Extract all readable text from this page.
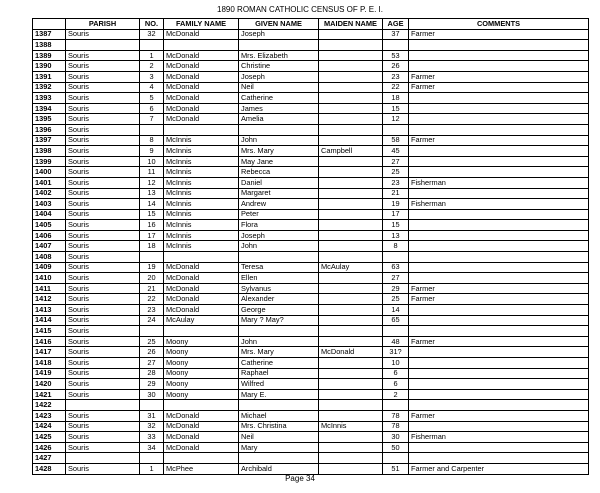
1890 ROMAN CATHOLIC CENSUS OF P. E. I.
	PARISH	NO.	FAMILY NAME	GIVEN NAME	MAIDEN NAME	AGE	COMMENTS
1387	Souris	32	McDonald	Joseph		37	Farmer
1388							
1389	Souris	1	McDonald	Mrs. Elizabeth		53	
1390	Souris	2	McDonald	Christine		26	
1391	Souris	3	McDonald	Joseph		23	Farmer
1392	Souris	4	McDonald	Neil		22	Farmer
1393	Souris	5	McDonald	Catherine		18	
1394	Souris	6	McDonald	James		15	
1395	Souris	7	McDonald	Amelia		12	
1396	Souris						
1397	Souris	8	McInnis	John		58	Farmer
1398	Souris	9	McInnis	Mrs. Mary	Campbell	45	
1399	Souris	10	McInnis	May Jane		27	
1400	Souris	11	McInnis	Rebecca		25	
1401	Souris	12	McInnis	Daniel		23	Fisherman
1402	Souris	13	McInnis	Margaret		21	
1403	Souris	14	McInnis	Andrew		19	Fisherman
1404	Souris	15	McInnis	Peter		17	
1405	Souris	16	McInnis	Flora		15	
1406	Souris	17	McInnis	Joseph		13	
1407	Souris	18	McInnis	John		8	
1408	Souris						
1409	Souris	19	McDonald	Teresa	McAulay	63	
1410	Souris	20	McDonald	Ellen		27	
1411	Souris	21	McDonald	Sylvanus		29	Farmer
1412	Souris	22	McDonald	Alexander		25	Farmer
1413	Souris	23	McDonald	George		14	
1414	Souris	24	McAulay	Mary ? May?		65	
1415	Souris						
1416	Souris	25	Moony	John		48	Farmer
1417	Souris	26	Moony	Mrs. Mary	McDonald	31?	
1418	Souris	27	Moony	Catherine		10	
1419	Souris	28	Moony	Raphael		6	
1420	Souris	29	Moony	Wilfred		6	
1421	Souris	30	Moony	Mary E.		2	
1422							
1423	Souris	31	McDonald	Michael		78	Farmer
1424	Souris	32	McDonald	Mrs. Christina	McInnis	78	
1425	Souris	33	McDonald	Neil		30	Fisherman
1426	Souris	34	McDonald	Mary		50	
1427							
1428	Souris	1	McPhee	Archibald		51	Farmer and Carpenter
Page 34
